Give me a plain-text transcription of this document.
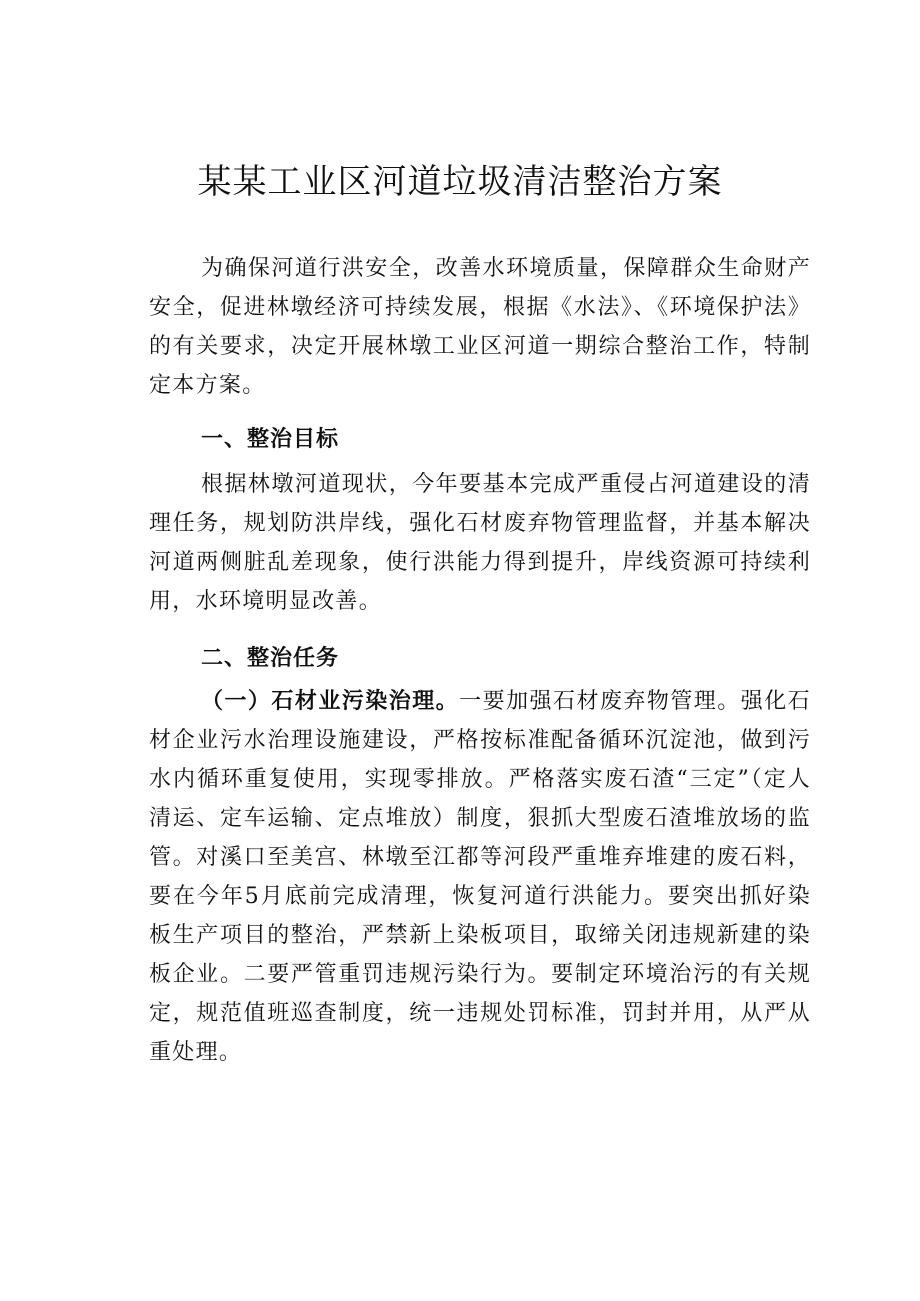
某某工业区河道垃圾清洁整治方案

为确保河道行洪安全，改善水环境质量，保障群众生命财产安全，促进林墩经济可持续发展，根据《水法》、《环境保护法》的有关要求，决定开展林墩工业区河道一期综合整治工作，特制定本方案。

一、整治目标

根据林墩河道现状，今年要基本完成严重侵占河道建设的清理任务，规划防洪岸线，强化石材废弃物管理监督，并基本解决河道两侧脏乱差现象，使行洪能力得到提升，岸线资源可持续利用，水环境明显改善。

二、整治任务

（一）石材业污染治理。一要加强石材废弃物管理。强化石材企业污水治理设施建设，严格按标准配备循环沉淀池，做到污水内循环重复使用，实现零排放。严格落实废石渣“三定”（定人清运、定车运输、定点堆放）制度，狠抓大型废石渣堆放场的监管。对溪口至美宫、林墩至江都等河段严重堆弃堆建的废石料，要在今年5月底前完成清理，恢复河道行洪能力。要突出抓好染板生产项目的整治，严禁新上染板项目，取缔关闭违规新建的染板企业。二要严管重罚违规污染行为。要制定环境治污的有关规定，规范值班巡查制度，统一违规处罚标准，罚封并用，从严从重处理。
